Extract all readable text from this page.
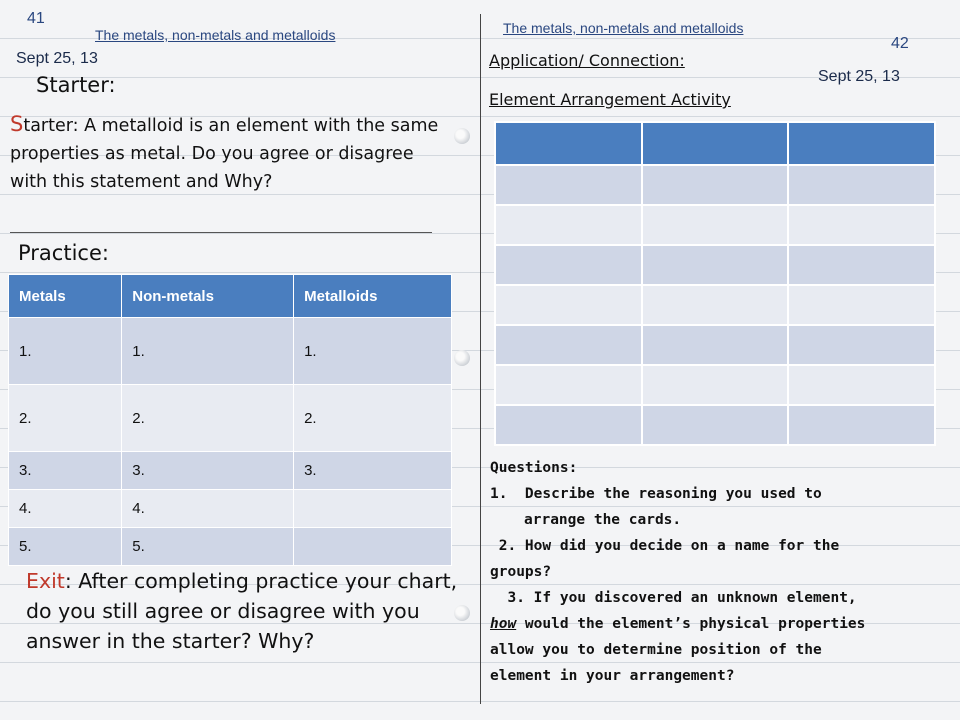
41
The metals, non-metals and metalloids
Sept 25, 13
Starter:
Starter: A metalloid is an element with the same properties as metal. Do you agree or disagree with this statement and Why?
Practice:
Metals	Non-metals	Metalloids
1.	1.	1.
2.	2.	2.
3.	3.	3.
4.	4.	
5.	5.	
Exit: After completing practice your chart, do you still agree or disagree with you answer in the starter? Why?
The metals, non-metals and metalloids
42
Application/ Connection:
Sept 25, 13
Element Arrangement Activity

Questions:
1.  Describe the reasoning you used to
arrange the cards.
2. How did you decide on a name for the
groups?
3. If you discovered an unknown element,
how would the element’s physical properties
allow you to determine position of the
element in your arrangement?
